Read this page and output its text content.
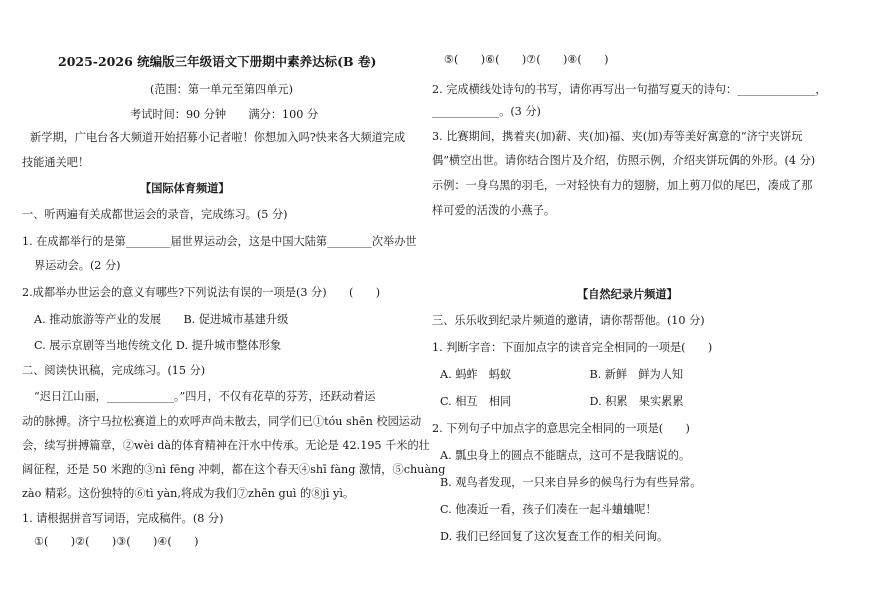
2025-2026 统编版三年级语文下册期中素养达标(B 卷)
(范围：第一单元至第四单元)
考试时间：90 分钟　　满分：100 分
新学期，广电台各大频道开始招募小记者啦！你想加入吗?快来各大频道完成
技能通关吧！
【国际体育频道】
一、听两遍有关成都世运会的录音，完成练习。(5 分)
1. 在成都举行的是第________届世界运动会，这是中国大陆第________次举办世
界运动会。(2 分)
2.成都举办世运会的意义有哪些?下列说法有误的一项是(3 分)　　(　　)
A. 推动旅游等产业的发展　　B. 促进城市基建升级
C. 展示京剧等当地传统文化 D. 提升城市整体形象
二、阅读快讯稿，完成练习。(15 分)
“迟日江山丽，____________。”四月，不仅有花草的芬芳，还跃动着运
动的脉搏。济宁马拉松赛道上的欢呼声尚未散去，同学们已①tóu shēn 校园运动
会，续写拼搏篇章，②wèi dà的体育精神在汗水中传承。无论是 42.195 千米的壮
阔征程，还是 50 米跑的③nì fēng 冲刺，都在这个春天④shī fàng 激情，⑤chuàng
zào 精彩。这份独特的⑥tì yàn,将成为我们⑦zhēn guì 的⑧jì yì。
1. 请根据拼音写词语，完成稿件。(8 分)
①(　　)②(　　)③(　　)④(　　)
⑤(　　)⑥(　　)⑦(　　)⑧(　　)
2. 完成横线处诗句的书写，请你再写出一句描写夏天的诗句：______________，
____________。(3 分)
3. 比赛期间，携着夹(加)薪、夹(加)福、夹(加)寿等美好寓意的“济宁夹饼玩
偶”横空出世。请你结合图片及介绍，仿照示例，介绍夹饼玩偶的外形。(4 分)
示例：一身乌黑的羽毛，一对轻快有力的翅膀，加上剪刀似的尾巴，凑成了那
样可爱的活泼的小燕子。
【自然纪录片频道】
三、乐乐收到纪录片频道的邀请，请你帮帮他。(10 分)
1. 判断字音：下面加点字的读音完全相同的一项是(　　)
A. 蚂蚱　蚂蚁　　　　　　　B. 新鲜　鲜为人知
C. 相互　相同　　　　　　　D. 积累　果实累累
2. 下列句子中加点字的意思完全相同的一项是(　　)
A. 瓢虫身上的圆点不能瞎点，这可不是我瞎说的。
B. 观鸟者发现，一只来自异乡的候鸟行为有些异常。
C. 他凑近一看，孩子们凑在一起斗蛐蛐呢！
D. 我们已经回复了这次复查工作的相关问询。
